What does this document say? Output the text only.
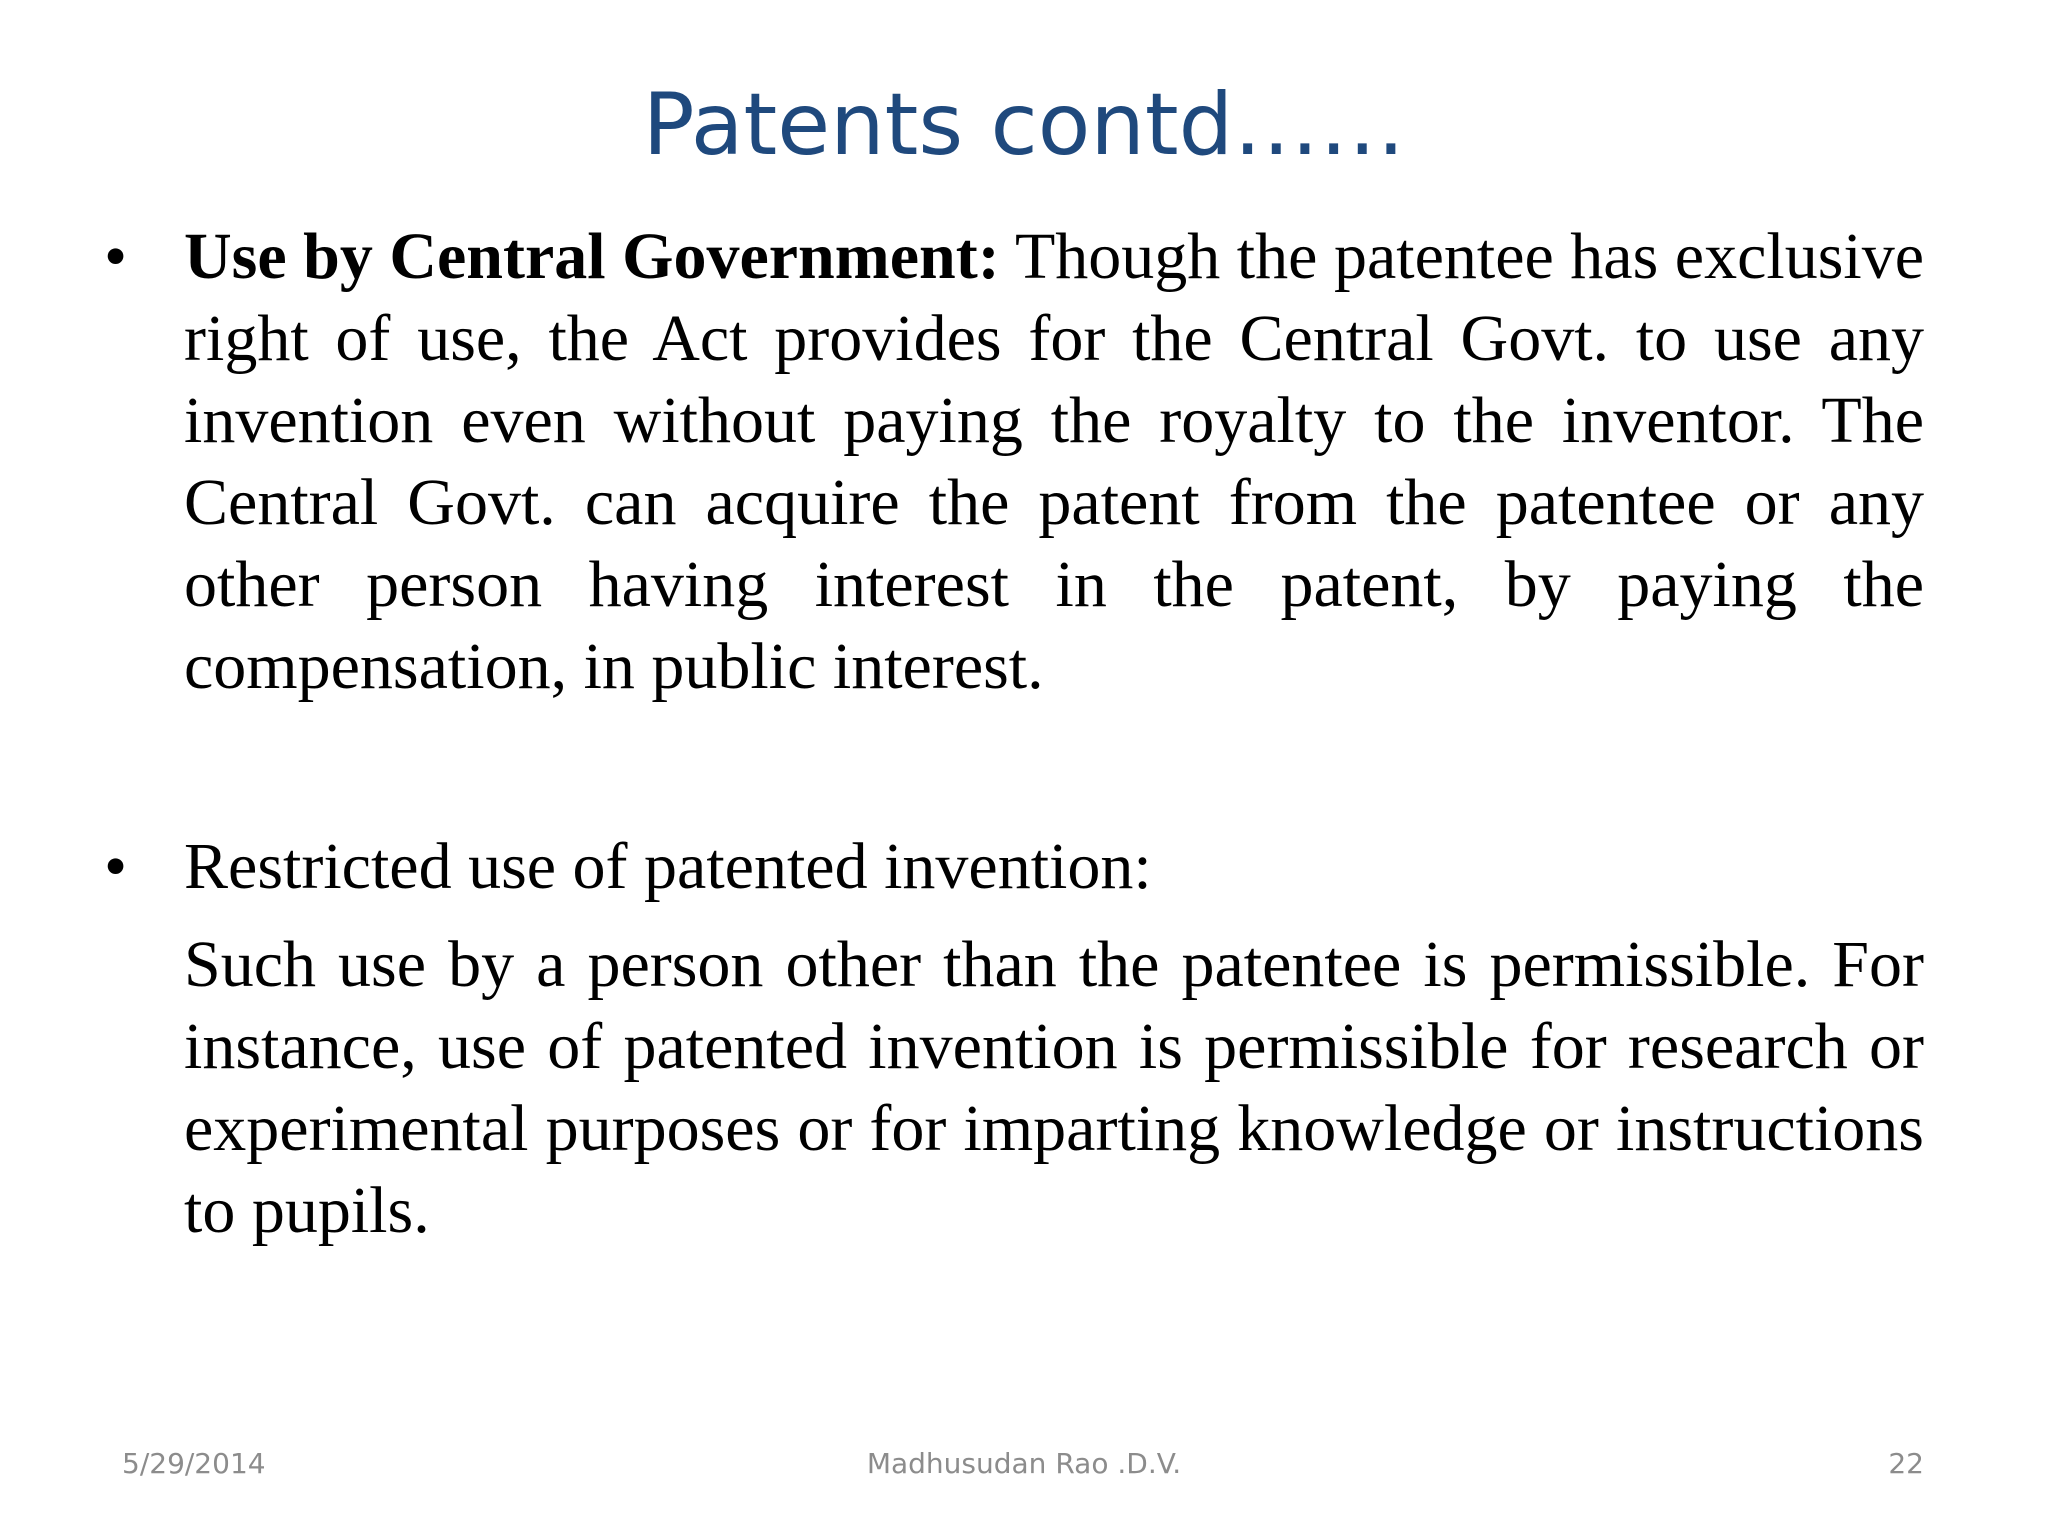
Patents contd……
• Use by Central Government: Though the patentee has exclusive right of use, the Act provides for the Central Govt. to use any invention even without paying the royalty to the inventor. The Central Govt. can acquire the patent from the patentee or any other person having interest in the patent, by paying the compensation, in public interest.

• Restricted use of patented invention:

Such use by a person other than the patentee is permissible. For instance, use of patented invention is permissible for research or experimental purposes or for imparting knowledge or instructions to pupils.

5/29/2014	Madhusudan Rao .D.V.	22
